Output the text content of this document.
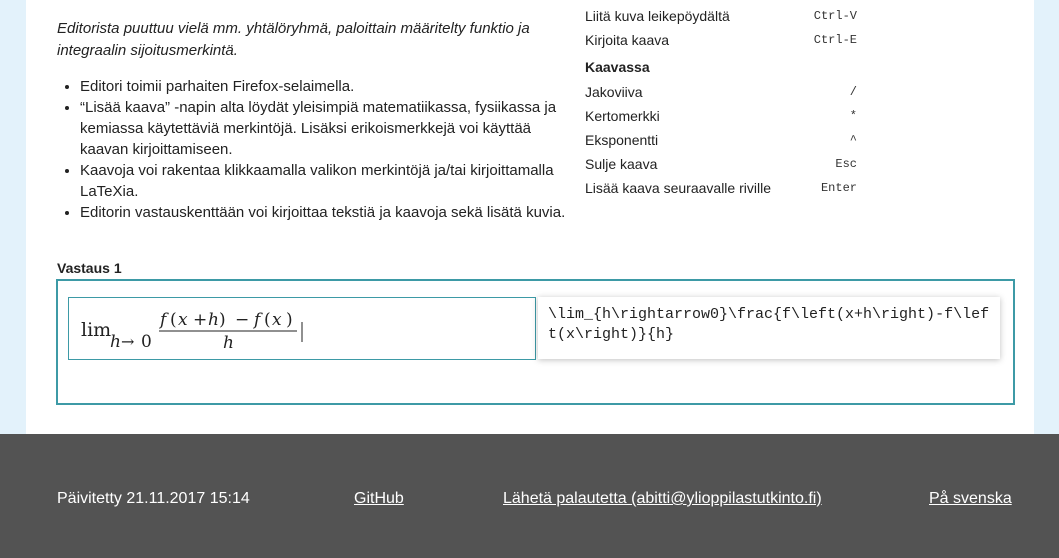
Editorista puuttuu vielä mm. yhtälöryhmä, paloittain määritelty funktio ja integraalin sijoitusmerkintä.

• Editori toimii parhaiten Firefox-selaimella.
• “Lisää kaava” -napin alta löydät yleisimpiä matematiikassa, fysiikassa ja kemiassa käytettäviä merkintöjä. Lisäksi erikoismerkkejä voi käyttää kaavan kirjoittamiseen.
• Kaavoja voi rakentaa klikkaamalla valikon merkintöjä ja/tai kirjoittamalla LaTeXia.
• Editorin vastauskenttään voi kirjoittaa tekstiä ja kaavoja sekä lisätä kuvia.
Liitä kuva leikepöydältä	Ctrl-V
Kirjoita kaava	Ctrl-E
Kaavassa
Jakoviiva	/
Kertomerkki	*
Eksponentti	^
Sulje kaava	Esc
Lisää kaava seuraavalle riville	Enter
Vastaus 1
lim
h → 0
f ( x + h ) − f ( x )
h
\lim_{h\rightarrow0}\frac{f\left(x+h\right)-f\left(x\right)}{h}
Päivitetty 21.11.2017 15:14	GitHub	Lähetä palautetta (abitti@ylioppilastutkinto.fi)	På svenska
